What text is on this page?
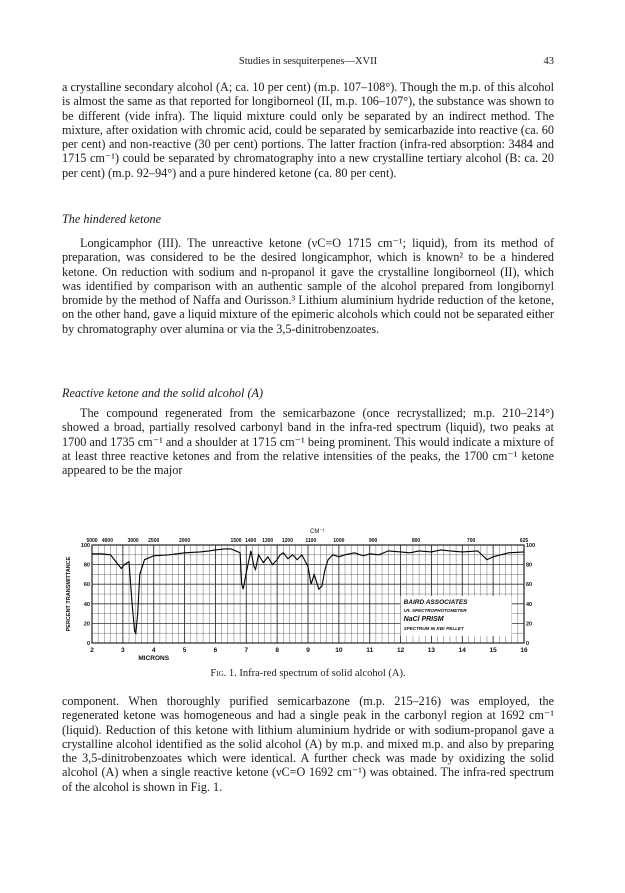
Studies in sesquiterpenes—XVII	43

a crystalline secondary alcohol (A; ca. 10 per cent) (m.p. 107–108°). Though the m.p. of this alcohol is almost the same as that reported for longiborneol (II, m.p. 106–107°), the substance was shown to be different (vide infra). The liquid mixture could only be separated by an indirect method. The mixture, after oxidation with chromic acid, could be separated by semicarbazide into reactive (ca. 60 per cent) and non-reactive (30 per cent) portions. The latter fraction (infra-red absorption: 3484 and 1715 cm⁻¹) could be separated by chromatography into a new crystalline tertiary alcohol (B: ca. 20 per cent) (m.p. 92–94°) and a pure hindered ketone (ca. 80 per cent).

The hindered ketone

Longicamphor (III). The unreactive ketone (νC=O 1715 cm⁻¹; liquid), from its method of preparation, was considered to be the desired longicamphor, which is known² to be a hindered ketone. On reduction with sodium and n-propanol it gave the crystalline longiborneol (II), which was identified by comparison with an authentic sample of the alcohol prepared from longibornyl bromide by the method of Naffa and Ourisson.³ Lithium aluminium hydride reduction of the ketone, on the other hand, gave a liquid mixture of the epimeric alcohols which could not be separated either by chromatography over alumina or via the 3,5-dinitrobenzoates.

Reactive ketone and the solid alcohol (A)

The compound regenerated from the semicarbazone (once recrystallized; m.p. 210–214°) showed a broad, partially resolved carbonyl band in the infra-red spectrum (liquid), two peaks at 1700 and 1735 cm⁻¹ and a shoulder at 1715 cm⁻¹ being prominent. This would indicate a mixture of at least three reactive ketones and from the relative intensities of the peaks, the 1700 cm⁻¹ ketone appeared to be the major

2	3	4	5	6	7	8	9	10	11	12	13	14	15	16
MICRONS
5000 4000	3000 2500	2000	1500 1400 1300 1200 1100	1000	900	800	700	625
CM⁻¹
100
80
60
40
20
0
100
80
60
40
20
0
PERCENT TRANSMITTANCE	BAIRD ASSOCIATES
I.R. SPECTROPHOTOMETER
NaCl PRISM
SPECTRUM IN KBr PELLET
Fig. 1. Infra-red spectrum of solid alcohol (A).

component. When thoroughly purified semicarbazone (m.p. 215–216) was employed, the regenerated ketone was homogeneous and had a single peak in the carbonyl region at 1692 cm⁻¹ (liquid). Reduction of this ketone with lithium aluminium hydride or with sodium-propanol gave a crystalline alcohol identified as the solid alcohol (A) by m.p. and mixed m.p. and also by preparing the 3,5-dinitrobenzoates which were identical. A further check was made by oxidizing the solid alcohol (A) when a single reactive ketone (νC=O 1692 cm⁻¹) was obtained. The infra-red spectrum of the alcohol is shown in Fig. 1.
